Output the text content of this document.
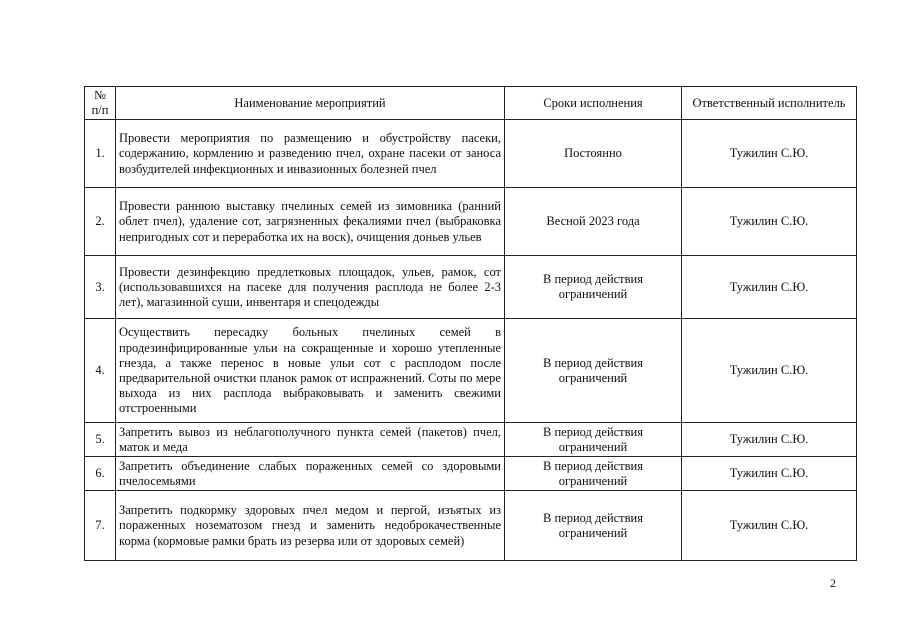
№ п/п	Наименование мероприятий	Сроки исполнения	Ответственный исполнитель
1.	Провести мероприятия по размещению и обустройству пасеки, содержанию, кормлению и разведению пчел, охране пасеки от заноса возбудителей инфекционных и инвазионных болезней пчел	Постоянно	Тужилин С.Ю.
2.	Провести раннюю выставку пчелиных семей из зимовника (ранний облет пчел), удаление сот, загрязненных фекалиями пчел (выбраковка непригодных сот и переработка их на воск), очищения доньев ульев	Весной 2023 года	Тужилин С.Ю.
3.	Провести дезинфекцию предлетковых площадок, ульев, рамок, сот (использовавшихся на пасеке для получения расплода не более 2-3 лет), магазинной суши, инвентаря и спецодежды	В период действия ограничений	Тужилин С.Ю.
4.	Осуществить пересадку больных пчелиных семей в продезинфицированные ульи на сокращенные и хорошо утепленные гнезда, а также перенос в новые ульи сот с расплодом после предварительной очистки планок рамок от испражнений. Соты по мере выхода из них расплода выбраковывать и заменить свежими отстроенными	В период действия ограничений	Тужилин С.Ю.
5.	Запретить вывоз из неблагополучного пункта семей (пакетов) пчел, маток и меда	В период действия ограничений	Тужилин С.Ю.
6.	Запретить объединение слабых пораженных семей со здоровыми пчелосемьями	В период действия ограничений	Тужилин С.Ю.
7.	Запретить подкормку здоровых пчел медом и пергой, изъятых из пораженных нозематозом гнезд и заменить недоброкачественные корма (кормовые рамки брать из резерва или от здоровых семей)	В период действия ограничений	Тужилин С.Ю.
2
